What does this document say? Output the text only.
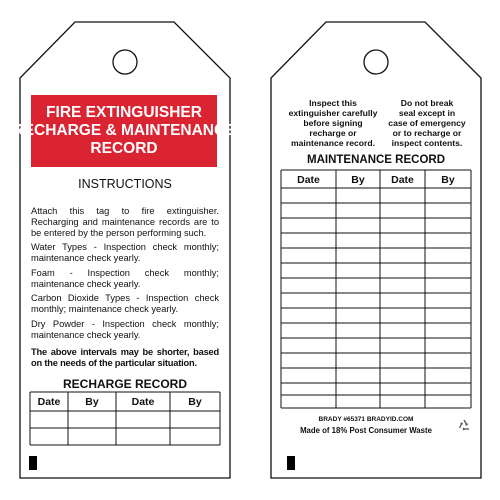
FIRE EXTINGUISHER
RECHARGE & MAINTENANCE
RECORD
INSTRUCTIONS

Attach this tag to fire extinguisher. Recharging and maintenance records are to be entered by the person performing such.

Water Types - Inspection check monthly; maintenance check yearly.

Foam - Inspection check monthly; maintenance check yearly.

Carbon Dioxide Types - Inspection check monthly; maintenance check yearly.

Dry Powder - Inspection check monthly; maintenance check yearly.

The above intervals may be shorter, based on the needs of the particular situation.

RECHARGE RECORD
Date	By	Date	By
Inspect this
extinguisher carefully
before signing
recharge or
maintenance record.
Do not break
seal except in
case of emergency
or to recharge or
inspect contents.
MAINTENANCE RECORD
Date	By	Date	By
BRADY #65371 BRADYID.COM
Made of 18% Post Consumer Waste
